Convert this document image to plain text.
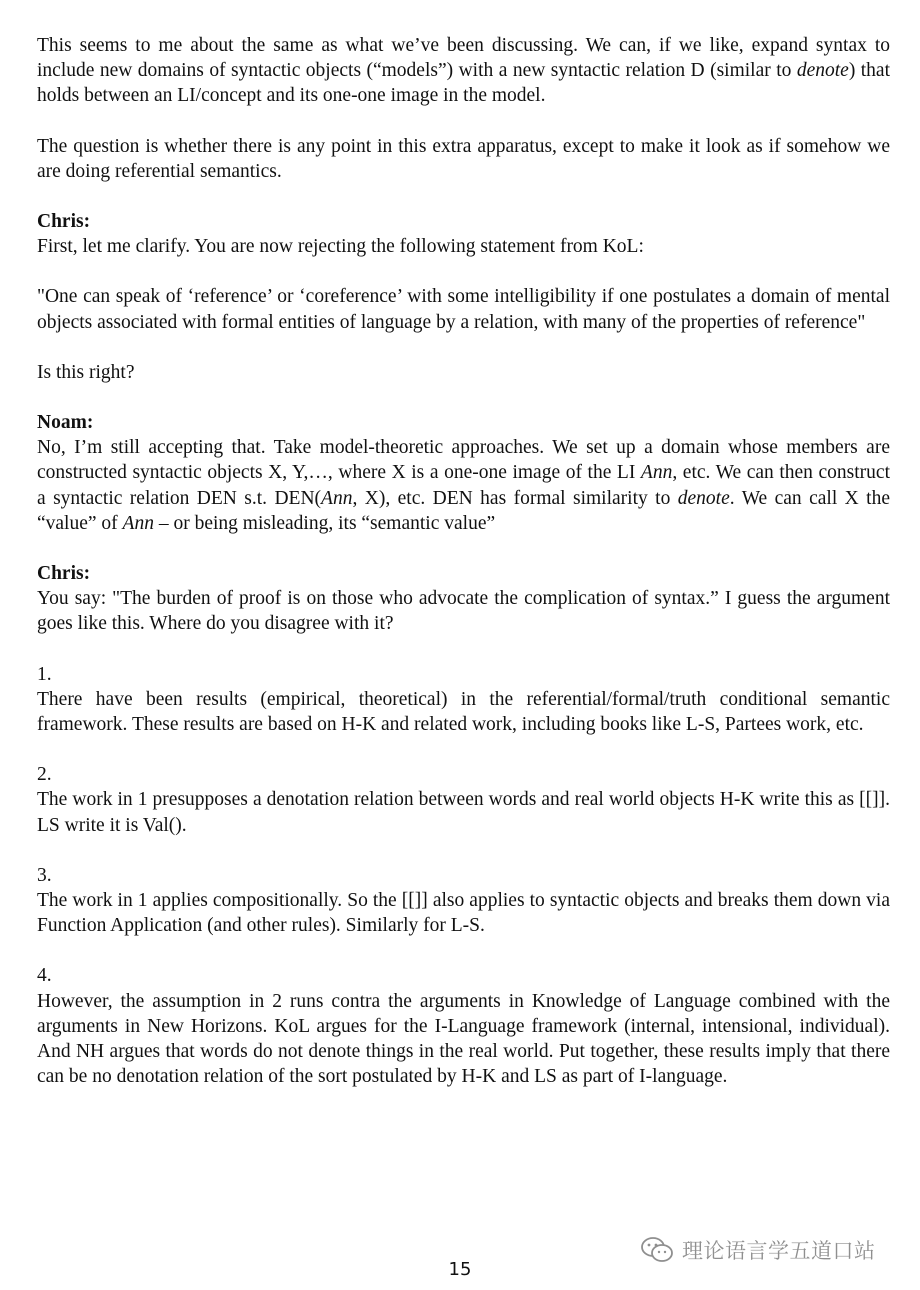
This seems to me about the same as what we’ve been discussing. We can, if we like, expand syntax to include new domains of syntactic objects (“models”) with a new syntactic relation D (similar to denote) that holds between an LI/concept and its one-one image in the model.

The question is whether there is any point in this extra apparatus, except to make it look as if somehow we are doing referential semantics.

Chris:

First, let me clarify. You are now rejecting the following statement from KoL:

"One can speak of ‘reference’ or ‘coreference’ with some intelligibility if one postulates a domain of mental objects associated with formal entities of language by a relation, with many of the properties of reference"

Is this right?

Noam:

No, I’m still accepting that. Take model-theoretic approaches. We set up a domain whose members are constructed syntactic objects X, Y,…, where X is a one-one image of the LI Ann, etc. We can then construct a syntactic relation DEN s.t. DEN(Ann, X), etc. DEN has formal similarity to denote. We can call X the “value” of Ann – or being misleading, its “semantic value”

Chris:

You say: "The burden of proof is on those who advocate the complication of syntax.” I guess the argument goes like this. Where do you disagree with it?

1.

There have been results (empirical, theoretical) in the referential/formal/truth conditional semantic framework. These results are based on H-K and related work, including books like L-S, Partees work, etc.

2.

The work in 1 presupposes a denotation relation between words and real world objects H-K write this as [[]]. LS write it is Val().

3.

The work in 1 applies compositionally. So the [[]] also applies to syntactic objects and breaks them down via Function Application (and other rules). Similarly for L-S.

4.

However, the assumption in 2 runs contra the arguments in Knowledge of Language combined with the arguments in New Horizons. KoL argues for the I-Language framework (internal, intensional, individual). And NH argues that words do not denote things in the real world. Put together, these results imply that there can be no denotation relation of the sort postulated by H-K and LS as part of I-language.

理论语言学五道口站
15
